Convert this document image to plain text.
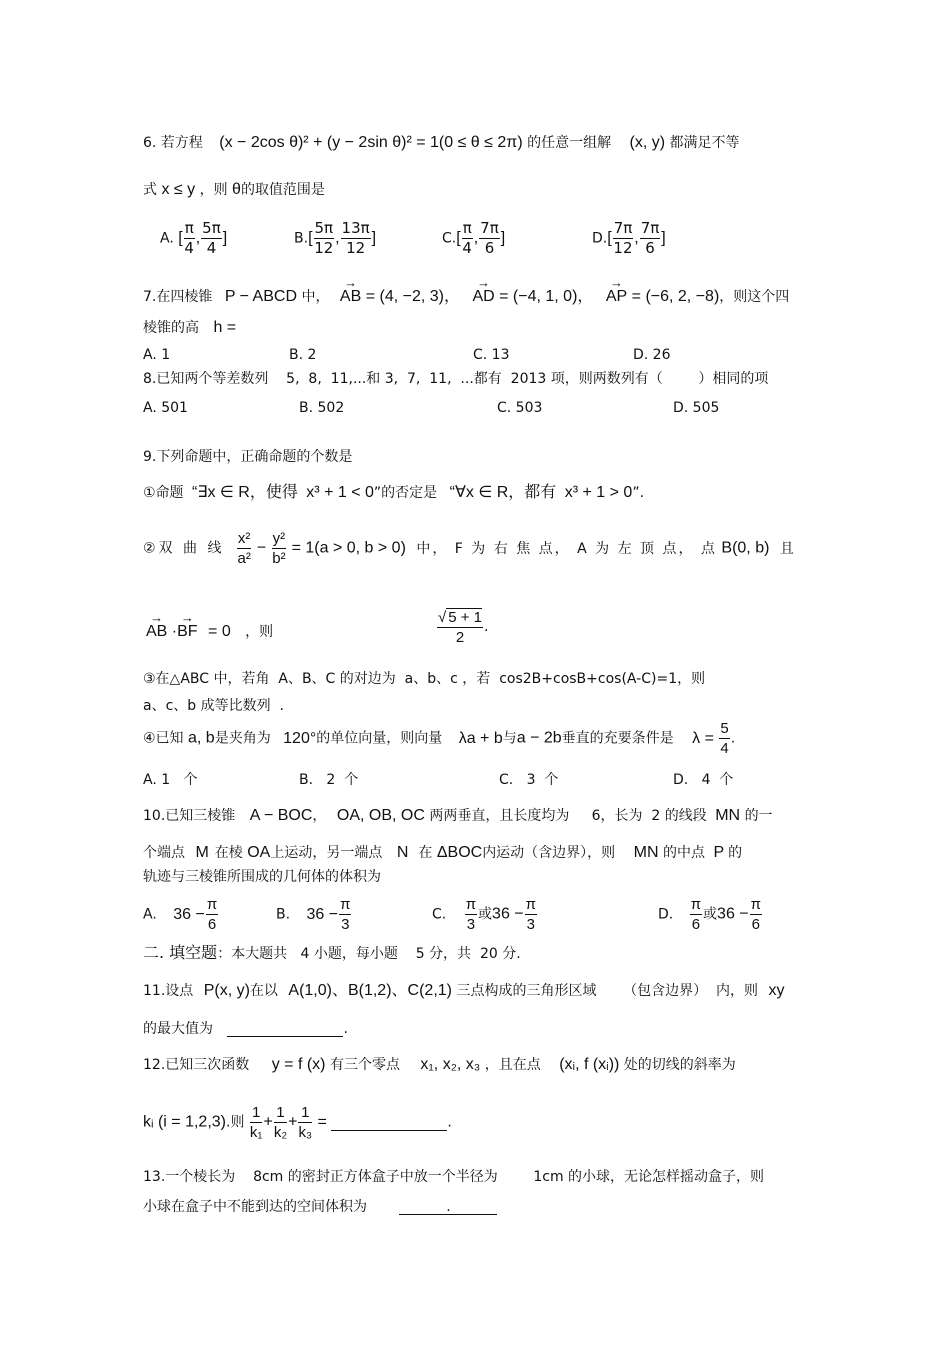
6. 若方程 (x − 2cos θ)² + (y − 2sin θ)² = 1(0 ≤ θ ≤ 2π) 的任意一组解 (x, y) 都满足不等
式 x ≤ y ，则 θ的取值范围是
A. [ $\frac{\pi}{4}$ , $\frac{5\pi}{4}$ ]	$B.[ \frac{5\pi}{12}$ , $\frac{13\pi}{12}$ ]	$C.[ \frac{\pi}{4}$ , $\frac{7\pi}{6}$ ]	$D.[ \frac{7\pi}{12}$ , $\frac{7\pi}{6}$ ]
7.在四棱锥 P − ABCD 中， → AB = (4, −2, 3)， → AD = (−4, 1, 0)， → AP = (−6, 2, −8)，则这个四
棱锥的高 h =
A. 1	B. 2	C. 13	D. 26
8.已知两个等差数列    5,  8,  11,...和 3,  7,  11,  ...都有  2013 项，则两数列有（        ）相同的项
A. 501	B. 502	C. 503	D. 505
9.下列命题中，正确命题的个数是
①命题 “∃x ∈ R，使得 x³ + 1 < 0”的否定是 “∀x ∈ R，都有 x³ + 1 > 0”.
②双 曲 线 $\frac{\text{x²}}{\text{a²}} - \frac{\text{y²}}{\text{b²}} = 1(a > 0$, b > 0) 中， F 为 右 焦 点， A 为 左 顶 点， 点 B(0, b) 且
→ AB ·→ BF = 0 ，则	$\frac{√ 5 + 1}{2}$ .
③在△ABC 中，若角  A、B、C 的对边为  a、b、c ，若  cos2B+cosB+cos(A-C)=1，则
a、c、b 成等比数列  .
④已知 a, b是夹角为 120°的单位向量，则向量 λa + b与a − 2b垂直的充要条件是 $\lambda = \frac{5}{4}$ .
A. 1   个	B.   2  个	C.   3  个	D.   4  个
10.已知三棱锥 A − BOC， OA, OB, OC 两两垂直，且长度均为     6，长为  2 的线段 MN 的一
个端点 M 在棱 OA上运动，另一端点 N 在 ΔBOC内运动（含边界），则 MN 的中点 P 的
轨迹与三棱锥所围成的几何体的体积为
A. $36 - \frac{\pi}{6}$	B. $36 - \frac{\pi}{3}$	C. $\frac{\pi}{3}$ 或$36 - \frac{\pi}{3}$	D. $\frac{\pi}{6}$ 或$36 - \frac{\pi}{6}$
二. 填空题：本大题共   4 小题，每小题    5 分，共  20 分.
11.设点 P(x, y)在以 A(1,0)、B(1,2)、C(2,1) 三点构成的三角形区域      （包含边界）  内，则 xy
的最大值为	.
12.已知三次函数 y = f (x) 有三个零点 x₁, x₂, x₃ ，且在点 (xᵢ, f (xᵢ)) 处的切线的斜率为
kᵢ (i = 1,2,3).则 $\frac{1}{\text{k₁}} + \frac{1}{\text{k₂}} + \frac{1}{\text{k₃}}$ =	.
13.一个棱长为    8cm 的密封正方体盒子中放一个半径为        1cm 的小球，无论怎样摇动盒子，则
小球在盒子中不能到达的空间体积为	.
